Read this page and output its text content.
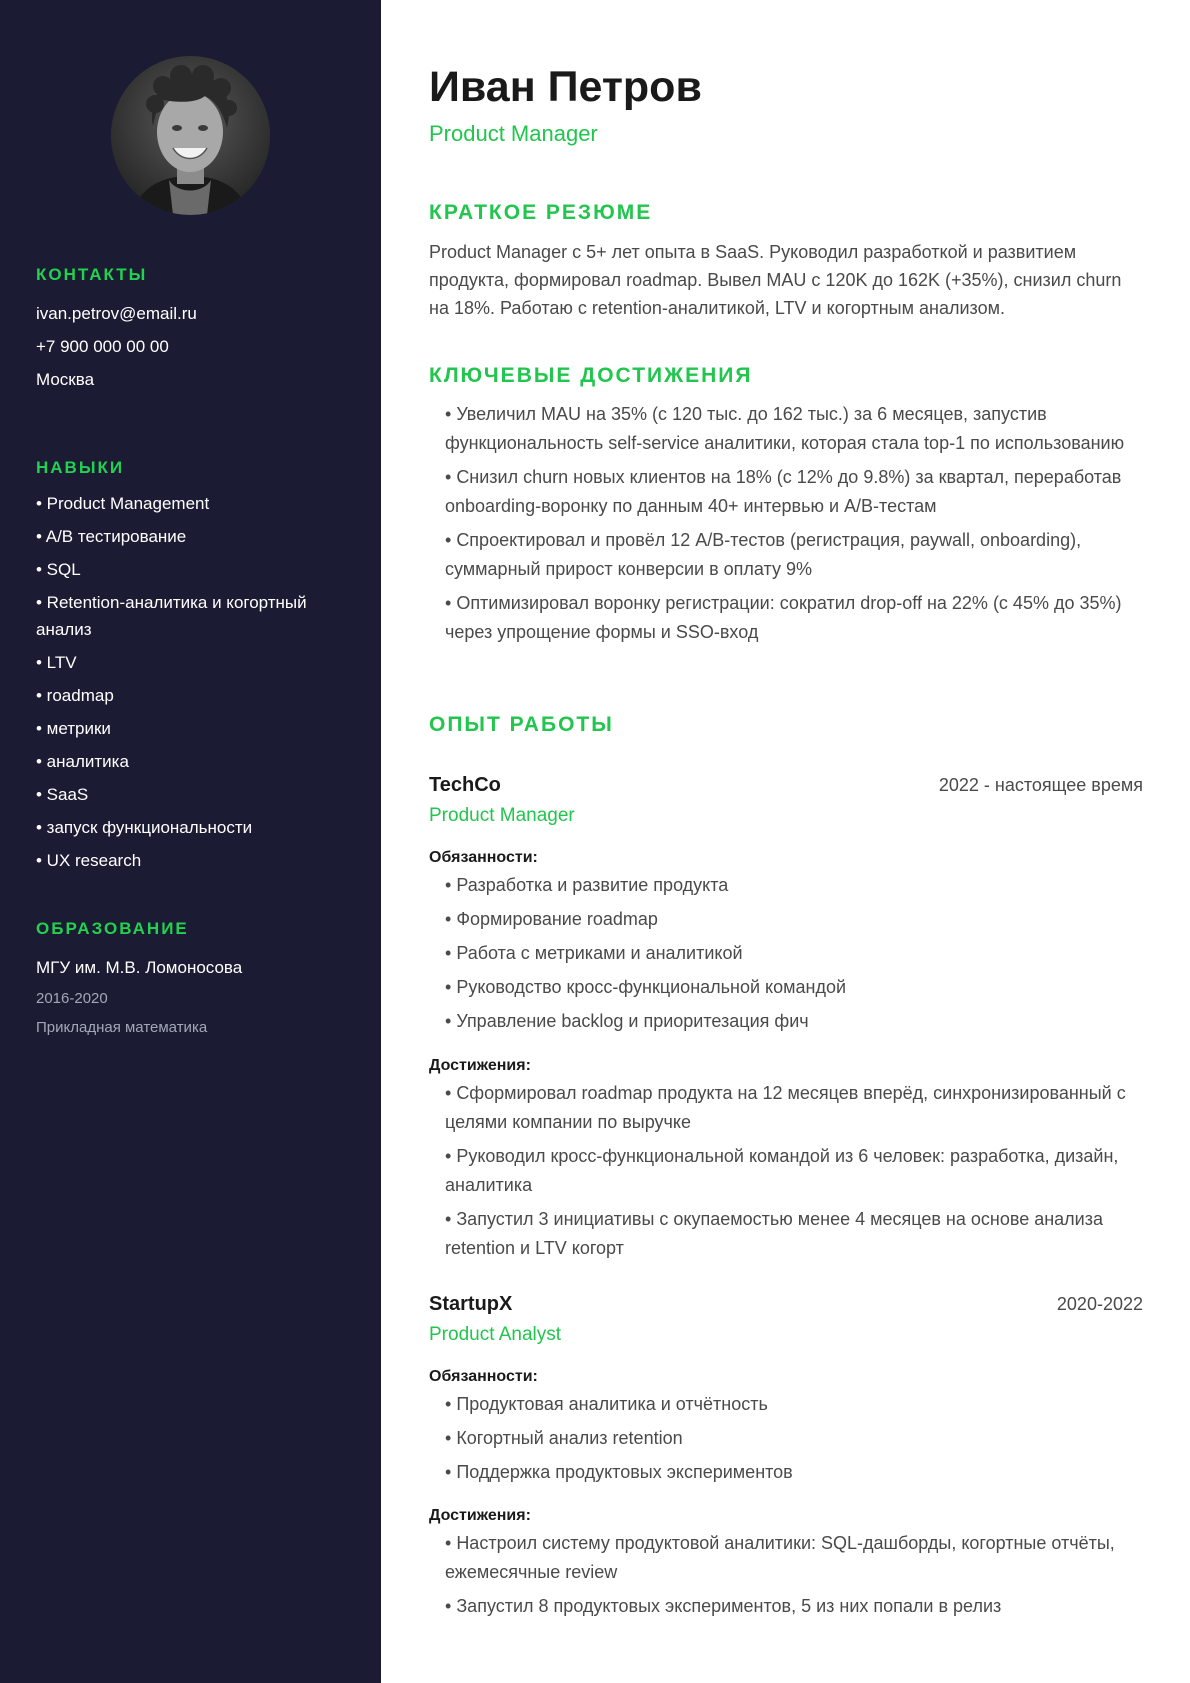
КОНТАКТЫ
ivan.petrov@email.ru
+7 900 000 00 00
Москва
НАВЫКИ
• Product Management
• A/B тестирование
• SQL
• Retention-аналитика и когортный анализ
• LTV
• roadmap
• метрики
• аналитика
• SaaS
• запуск функциональности
• UX research
ОБРАЗОВАНИЕ
МГУ им. М.В. Ломоносова
2016-2020
Прикладная математика
Иван Петров
Product Manager
КРАТКОЕ РЕЗЮМЕ

Product Manager с 5+ лет опыта в SaaS. Руководил разработкой и развитием продукта, формировал roadmap. Вывел MAU с 120K до 162K (+35%), снизил churn на 18%. Работаю с retention-аналитикой, LTV и когортным анализом.

КЛЮЧЕВЫЕ ДОСТИЖЕНИЯ
• Увеличил MAU на 35% (с 120 тыс. до 162 тыс.) за 6 месяцев, запустив функциональность self-service аналитики, которая стала top-1 по использованию
• Снизил churn новых клиентов на 18% (с 12% до 9.8%) за квартал, переработав onboarding-воронку по данным 40+ интервью и A/B-тестам
• Спроектировал и провёл 12 A/B-тестов (регистрация, paywall, onboarding), суммарный прирост конверсии в оплату 9%
• Оптимизировал воронку регистрации: сократил drop-off на 22% (с 45% до 35%) через упрощение формы и SSO-вход
ОПЫТ РАБОТЫ
TechCo	2022 - настоящее время
Product Manager
Обязанности:
• Разработка и развитие продукта
• Формирование roadmap
• Работа с метриками и аналитикой
• Руководство кросс-функциональной командой
• Управление backlog и приоритезация фич
Достижения:
• Сформировал roadmap продукта на 12 месяцев вперёд, синхронизированный с целями компании по выручке
• Руководил кросс-функциональной командой из 6 человек: разработка, дизайн, аналитика
• Запустил 3 инициативы с окупаемостью менее 4 месяцев на основе анализа retention и LTV когорт
StartupX	2020-2022
Product Analyst
Обязанности:
• Продуктовая аналитика и отчётность
• Когортный анализ retention
• Поддержка продуктовых экспериментов
Достижения:
• Настроил систему продуктовой аналитики: SQL-дашборды, когортные отчёты, ежемесячные review
• Запустил 8 продуктовых экспериментов, 5 из них попали в релиз
